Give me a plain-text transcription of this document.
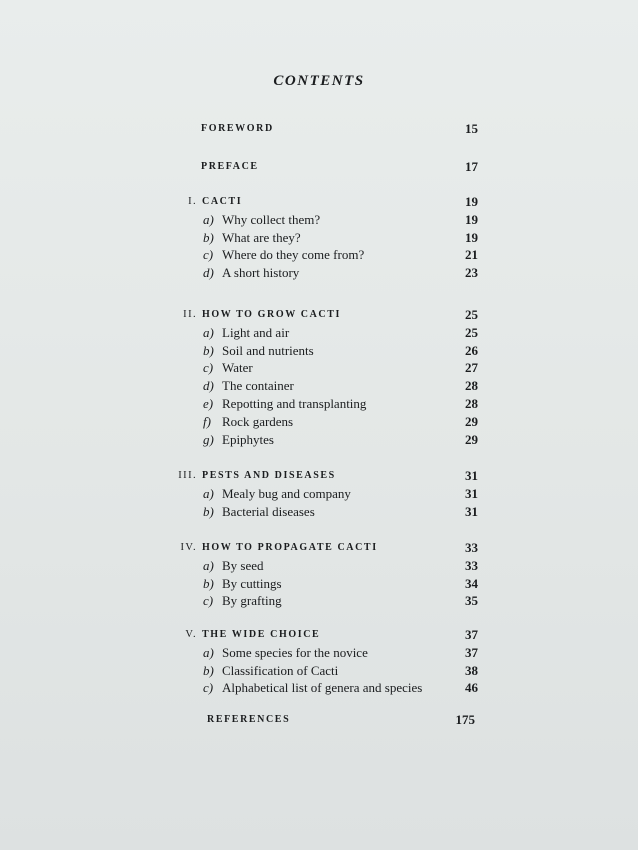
CONTENTS
FOREWORD	15
PREFACE	17
I. CACTI	19
a) Why collect them?	19
b) What are they?	19
c) Where do they come from?	21
d) A short history	23
II. HOW TO GROW CACTI	25
a) Light and air	25
b) Soil and nutrients	26
c) Water	27
d) The container	28
e) Repotting and transplanting	28
f) Rock gardens	29
g) Epiphytes	29
III. PESTS AND DISEASES	31
a) Mealy bug and company	31
b) Bacterial diseases	31
IV. HOW TO PROPAGATE CACTI	33
a) By seed	33
b) By cuttings	34
c) By grafting	35
V. THE WIDE CHOICE	37
a) Some species for the novice	37
b) Classification of Cacti	38
c) Alphabetical list of genera and species	46
REFERENCES	175
